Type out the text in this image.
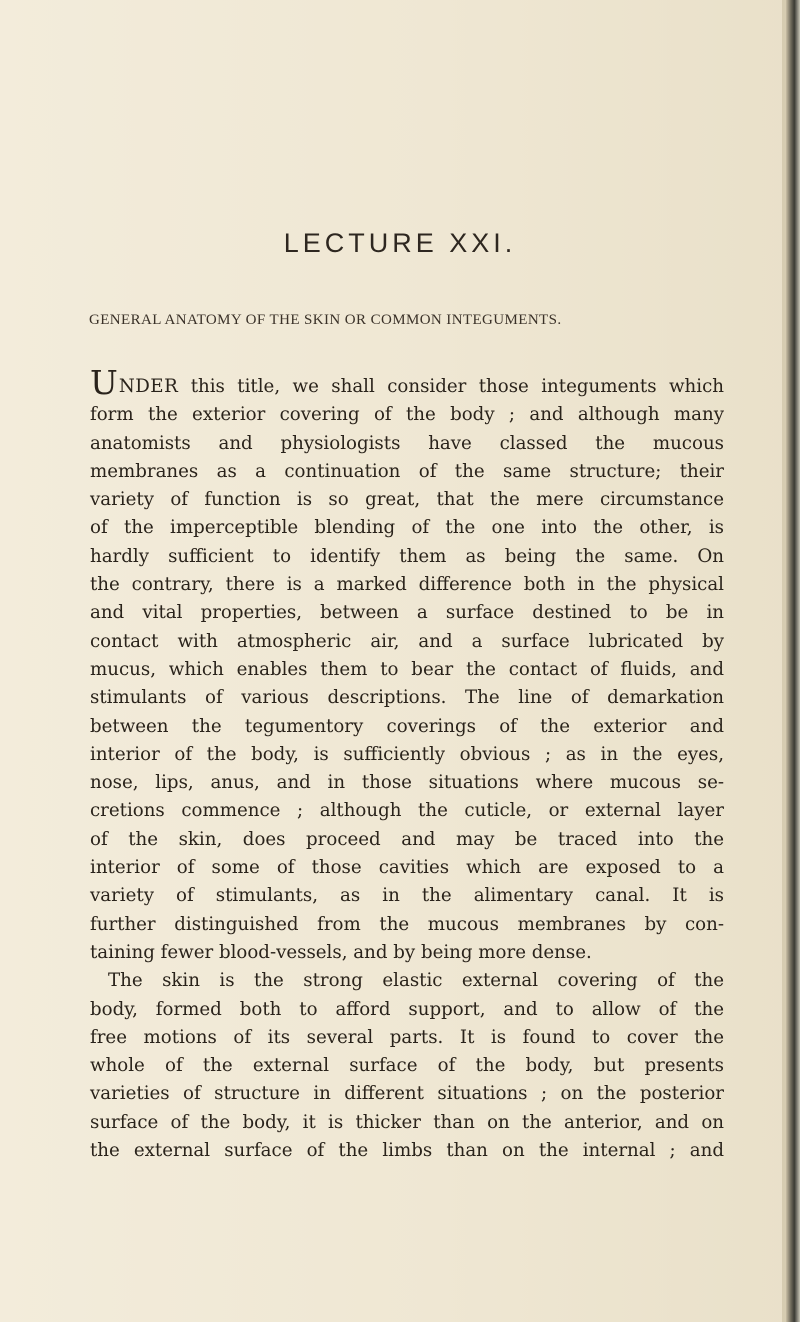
LECTURE XXI.
GENERAL ANATOMY OF THE SKIN OR COMMON INTEGUMENTS.
UNDER this title, we shall consider those integuments which
form the exterior covering of the body ; and although many
anatomists and physiologists have classed the mucous
membranes as a continuation of the same structure; their
variety of function is so great, that the mere circumstance
of the imperceptible blending of the one into the other, is
hardly sufficient to identify them as being the same. On
the contrary, there is a marked difference both in the physical
and vital properties, between a surface destined to be in
contact with atmospheric air, and a surface lubricated by
mucus, which enables them to bear the contact of fluids, and
stimulants of various descriptions. The line of demarkation
between the tegumentory coverings of the exterior and
interior of the body, is sufficiently obvious ; as in the eyes,
nose, lips, anus, and in those situations where mucous se-
cretions commence ; although the cuticle, or external layer
of the skin, does proceed and may be traced into the
interior of some of those cavities which are exposed to a
variety of stimulants, as in the alimentary canal. It is
further distinguished from the mucous membranes by con-
taining fewer blood-vessels, and by being more dense.
The skin is the strong elastic external covering of the
body, formed both to afford support, and to allow of the
free motions of its several parts. It is found to cover the
whole of the external surface of the body, but presents
varieties of structure in different situations ; on the posterior
surface of the body, it is thicker than on the anterior, and on
the external surface of the limbs than on the internal ; and
